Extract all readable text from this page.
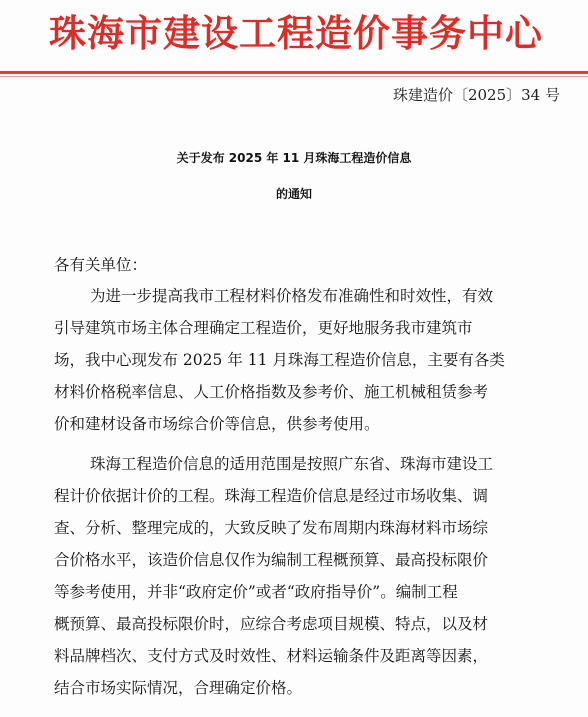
珠海市建设工程造价事务中心
珠建造价〔2025〕34 号
关于发布 2025 年 11 月珠海工程造价信息
的通知
各有关单位：
为进一步提高我市工程材料价格发布准确性和时效性，有效
引导建筑市场主体合理确定工程造价，更好地服务我市建筑市
场，我中心现发布 2025 年 11 月珠海工程造价信息，主要有各类
材料价格税率信息、人工价格指数及参考价、施工机械租赁参考
价和建材设备市场综合价等信息，供参考使用。
珠海工程造价信息的适用范围是按照广东省、珠海市建设工
程计价依据计价的工程。珠海工程造价信息是经过市场收集、调
查、分析、整理完成的，大致反映了发布周期内珠海材料市场综
合价格水平，该造价信息仅作为编制工程概预算、最高投标限价
等参考使用，并非“政府定价”或者“政府指导价”。编制工程
概预算、最高投标限价时，应综合考虑项目规模、特点，以及材
料品牌档次、支付方式及时效性、材料运输条件及距离等因素，
结合市场实际情况，合理确定价格。
